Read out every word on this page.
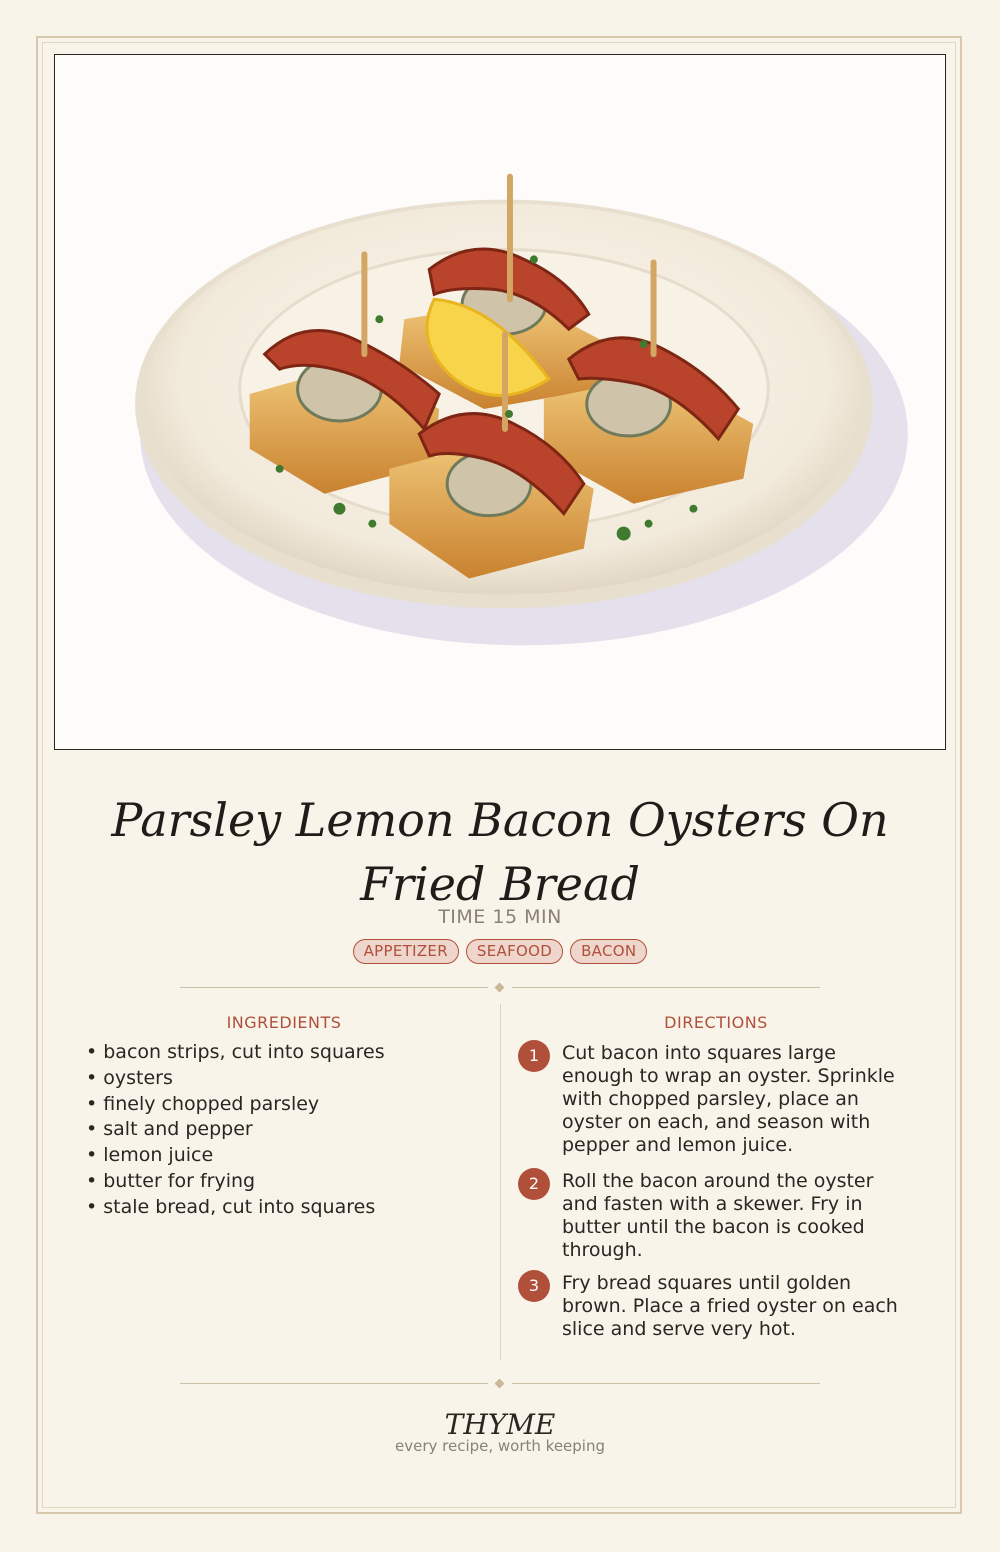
Parsley Lemon Bacon Oysters On Fried Bread
TIME 15 MIN
APPETIZER	SEAFOOD	BACON
INGREDIENTS
• bacon strips, cut into squares
• oysters
• finely chopped parsley
• salt and pepper
• lemon juice
• butter for frying
• stale bread, cut into squares
DIRECTIONS
1	Cut bacon into squares large enough to wrap an oyster. Sprinkle with chopped parsley, place an oyster on each, and season with pepper and lemon juice.
2	Roll the bacon around the oyster and fasten with a skewer. Fry in butter until the bacon is cooked through.
3	Fry bread squares until golden brown. Place a fried oyster on each slice and serve very hot.
THYME
every recipe, worth keeping
